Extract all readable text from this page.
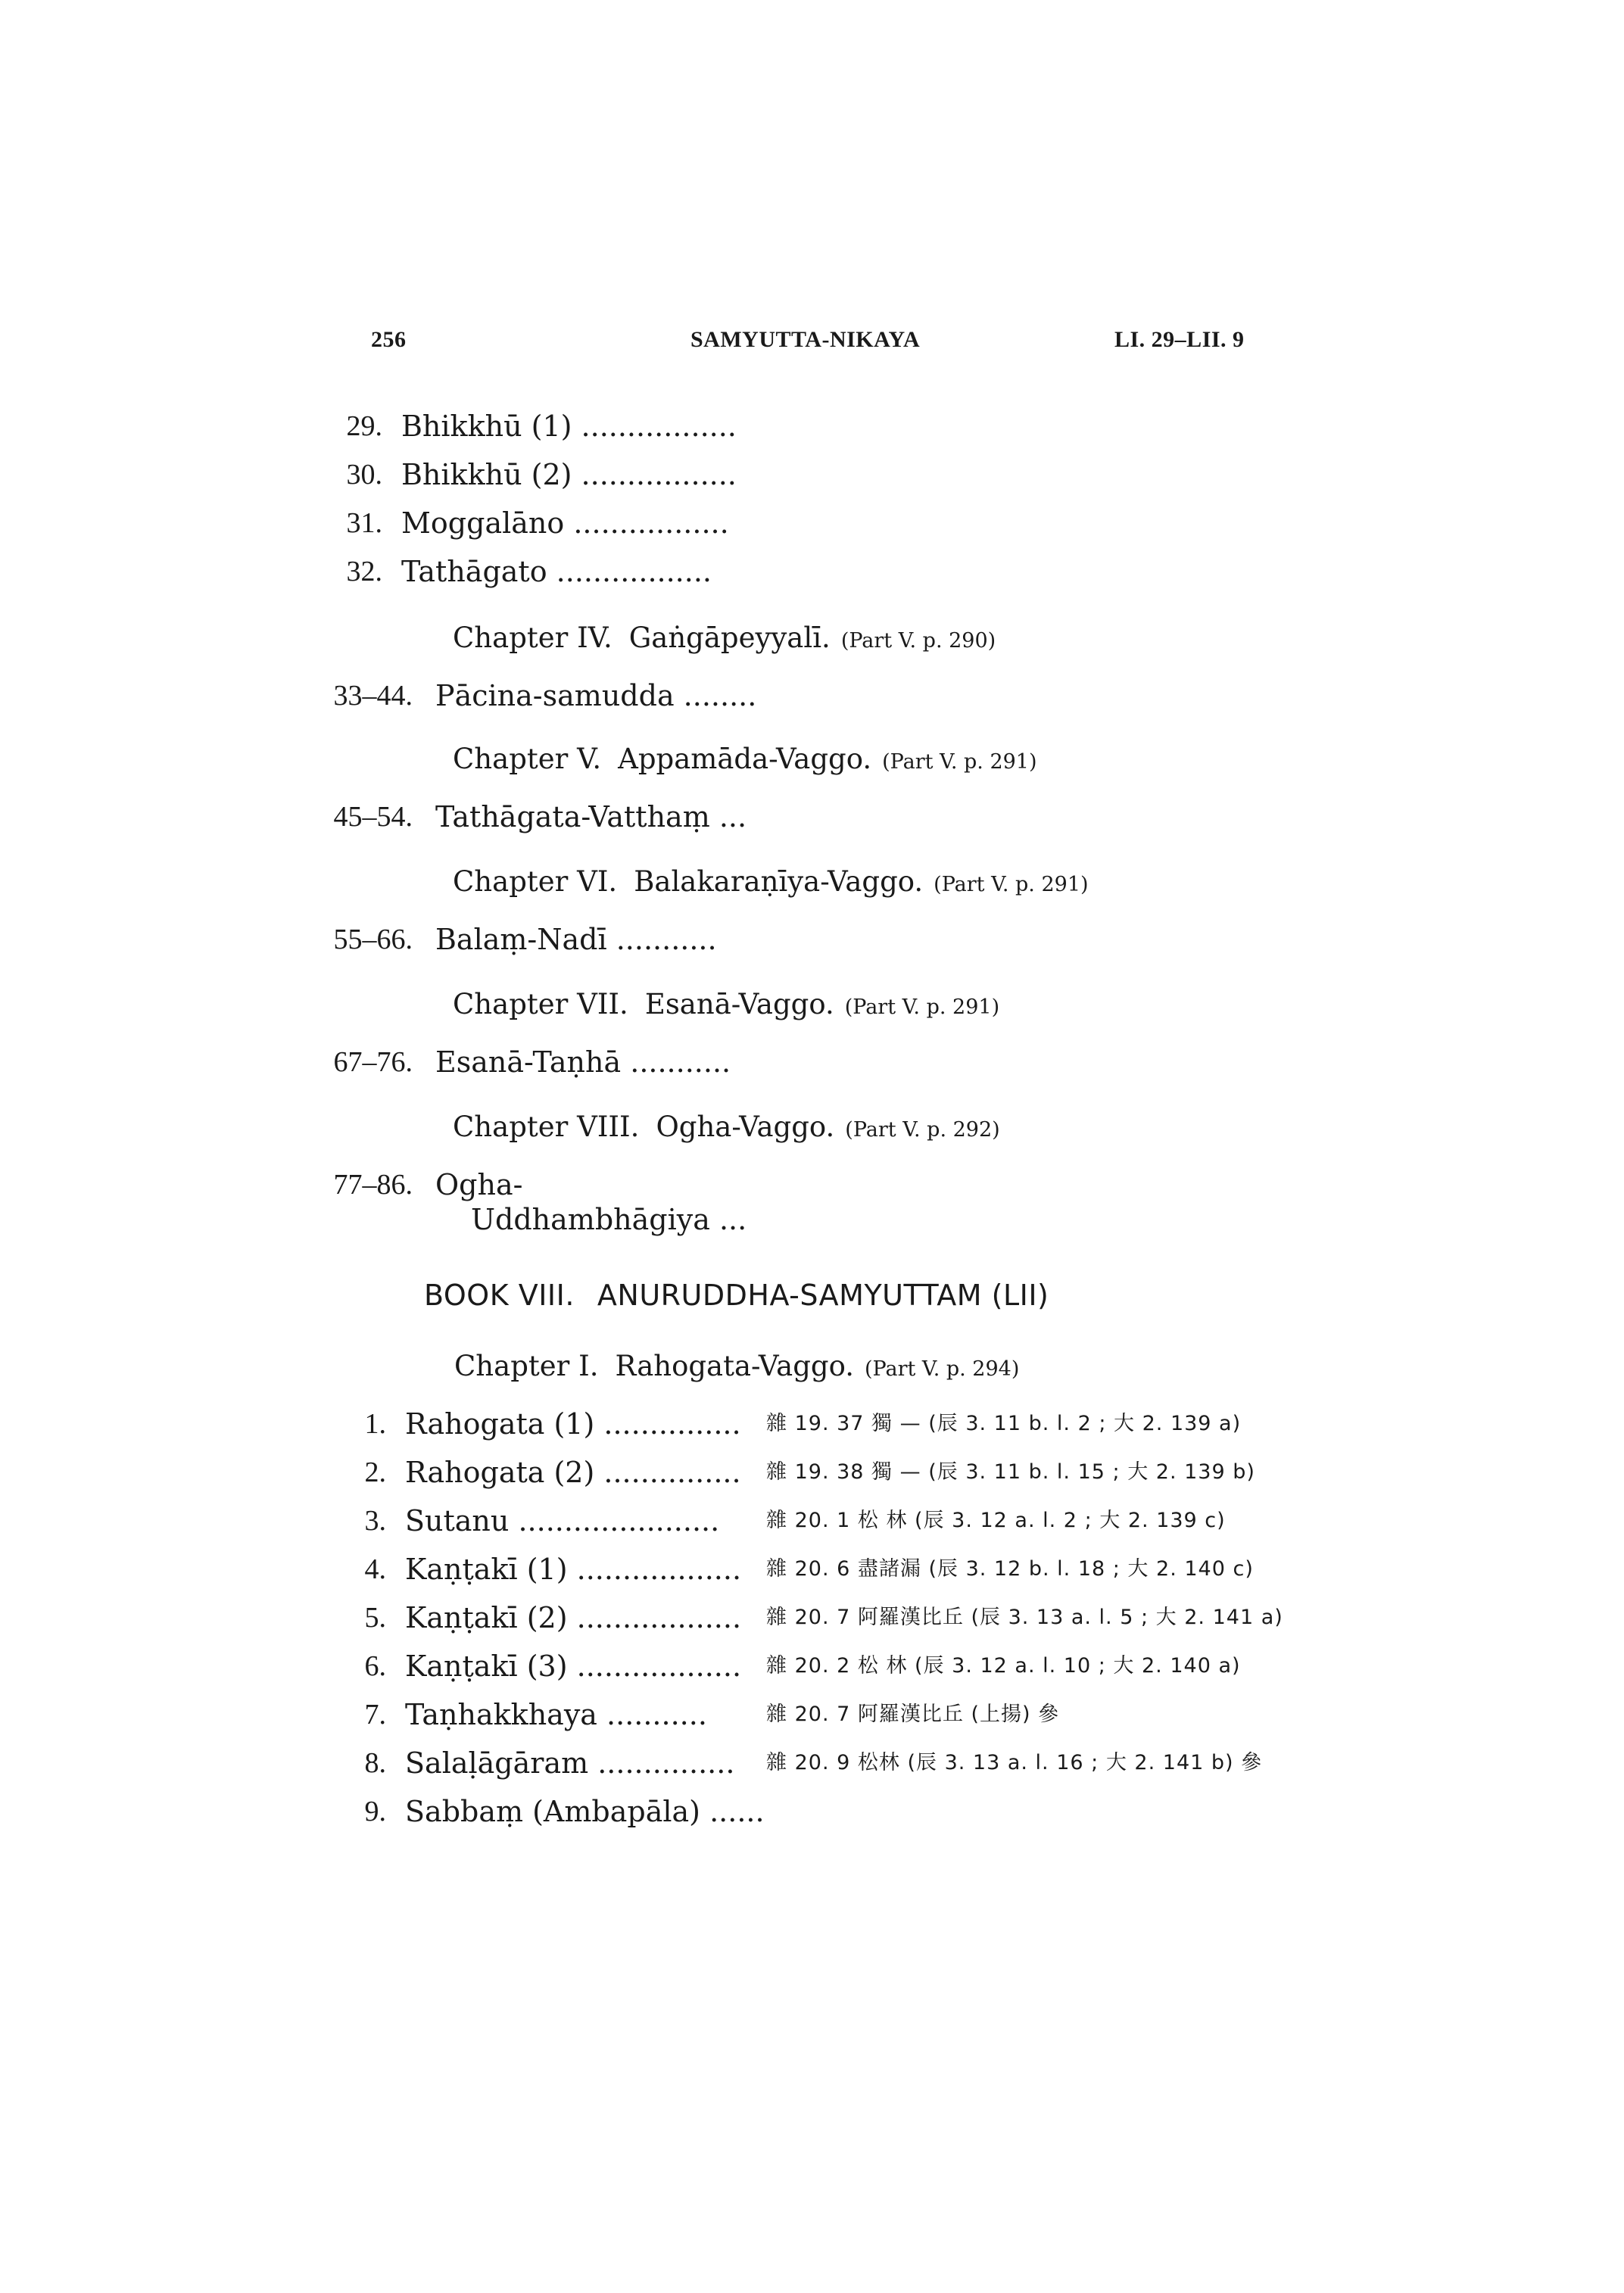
256	SAMYUTTA-NIKAYA	LI. 29–LII. 9
29. Bhikkhū (1) .................
30. Bhikkhū (2) .................
31. Moggalāno .................
32. Tathāgato .................
Chapter IV. Gaṅgāpeyyalī. (Part V. p. 290)
33–44. Pācina-samudda ........
Chapter V. Appamāda-Vaggo. (Part V. p. 291)
45–54. Tathāgata-Vatthaṃ ...
Chapter VI. Balakaraṇīya-Vaggo. (Part V. p. 291)
55–66. Balaṃ-Nadī ...........
Chapter VII. Esanā-Vaggo. (Part V. p. 291)
67–76. Esanā-Taṇhā ...........
Chapter VIII. Ogha-Vaggo. (Part V. p. 292)
77–86. Ogha-
Uddhambhāgiya ...
BOOK VIII. ANURUDDHA-SAMYUTTAM (LII)
Chapter I. Rahogata-Vaggo. (Part V. p. 294)
1. Rahogata (1) ............... 雜 19. 37 獨 — (辰 3. 11 b. l. 2 ; 大 2. 139 a)
2. Rahogata (2) ............... 雜 19. 38 獨 — (辰 3. 11 b. l. 15 ; 大 2. 139 b)
3. Sutanu ...................... 雜 20. 1 松 林 (辰 3. 12 a. l. 2 ; 大 2. 139 c)
4. Kaṇṭakī (1) .................. 雜 20. 6 盡諸漏 (辰 3. 12 b. l. 18 ; 大 2. 140 c)
5. Kaṇṭakī (2) .................. 雜 20. 7 阿羅漢比丘 (辰 3. 13 a. l. 5 ; 大 2. 141 a)
6. Kaṇṭakī (3) .................. 雜 20. 2 松 林 (辰 3. 12 a. l. 10 ; 大 2. 140 a)
7. Taṇhakkhaya ...........	雜 20. 7 阿羅漢比丘 (上揚) 參
8. Salaḷāgāram ............... 雜 20. 9 松林 (辰 3. 13 a. l. 16 ; 大 2. 141 b) 參
9. Sabbaṃ (Ambapāla) ......
